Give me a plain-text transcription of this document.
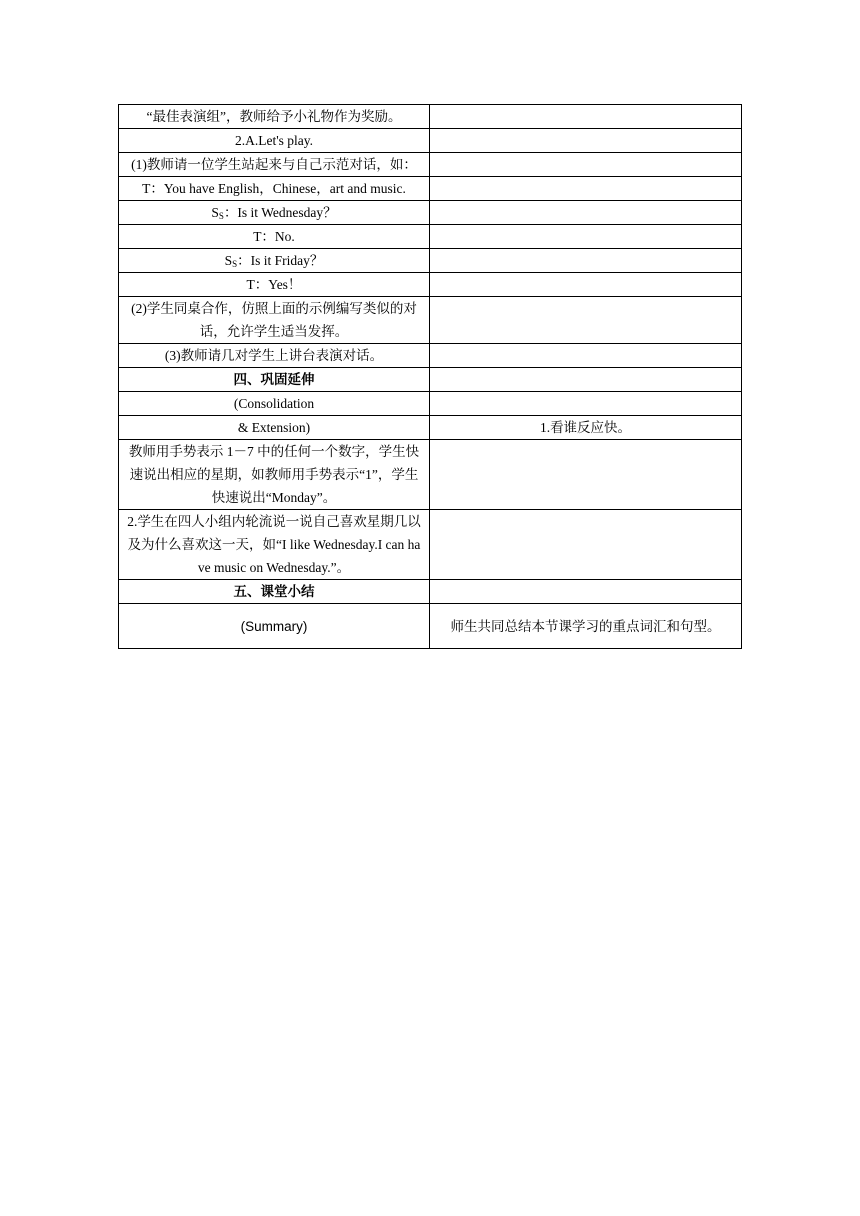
“最佳表演组”，教师给予小礼物作为奖励。	
2.A.Let's play.	
(1)教师请一位学生站起来与自己示范对话，如：	
T：You have English，Chinese，art and music.	
$S_S$：Is it Wednesday？	
T：No.	
$S_S$：Is it Friday？	
T：Yes！	
(2)学生同桌合作，仿照上面的示例编写类似的对话，允许学生适当发挥。	
(3)教师请几对学生上讲台表演对话。	
四、巩固延伸	
(Consolidation	
& Extension)	1.看谁反应快。
教师用手势表示 1－7 中的任何一个数字，学生快速说出相应的星期，如教师用手势表示“1”，学生快速说出“Monday”。	
2.学生在四人小组内轮流说一说自己喜欢星期几以及为什么喜欢这一天，如“I like Wednesday.I can have music on Wednesday.”。	
五、课堂小结	
(Summary)	师生共同总结本节课学习的重点词汇和句型。
